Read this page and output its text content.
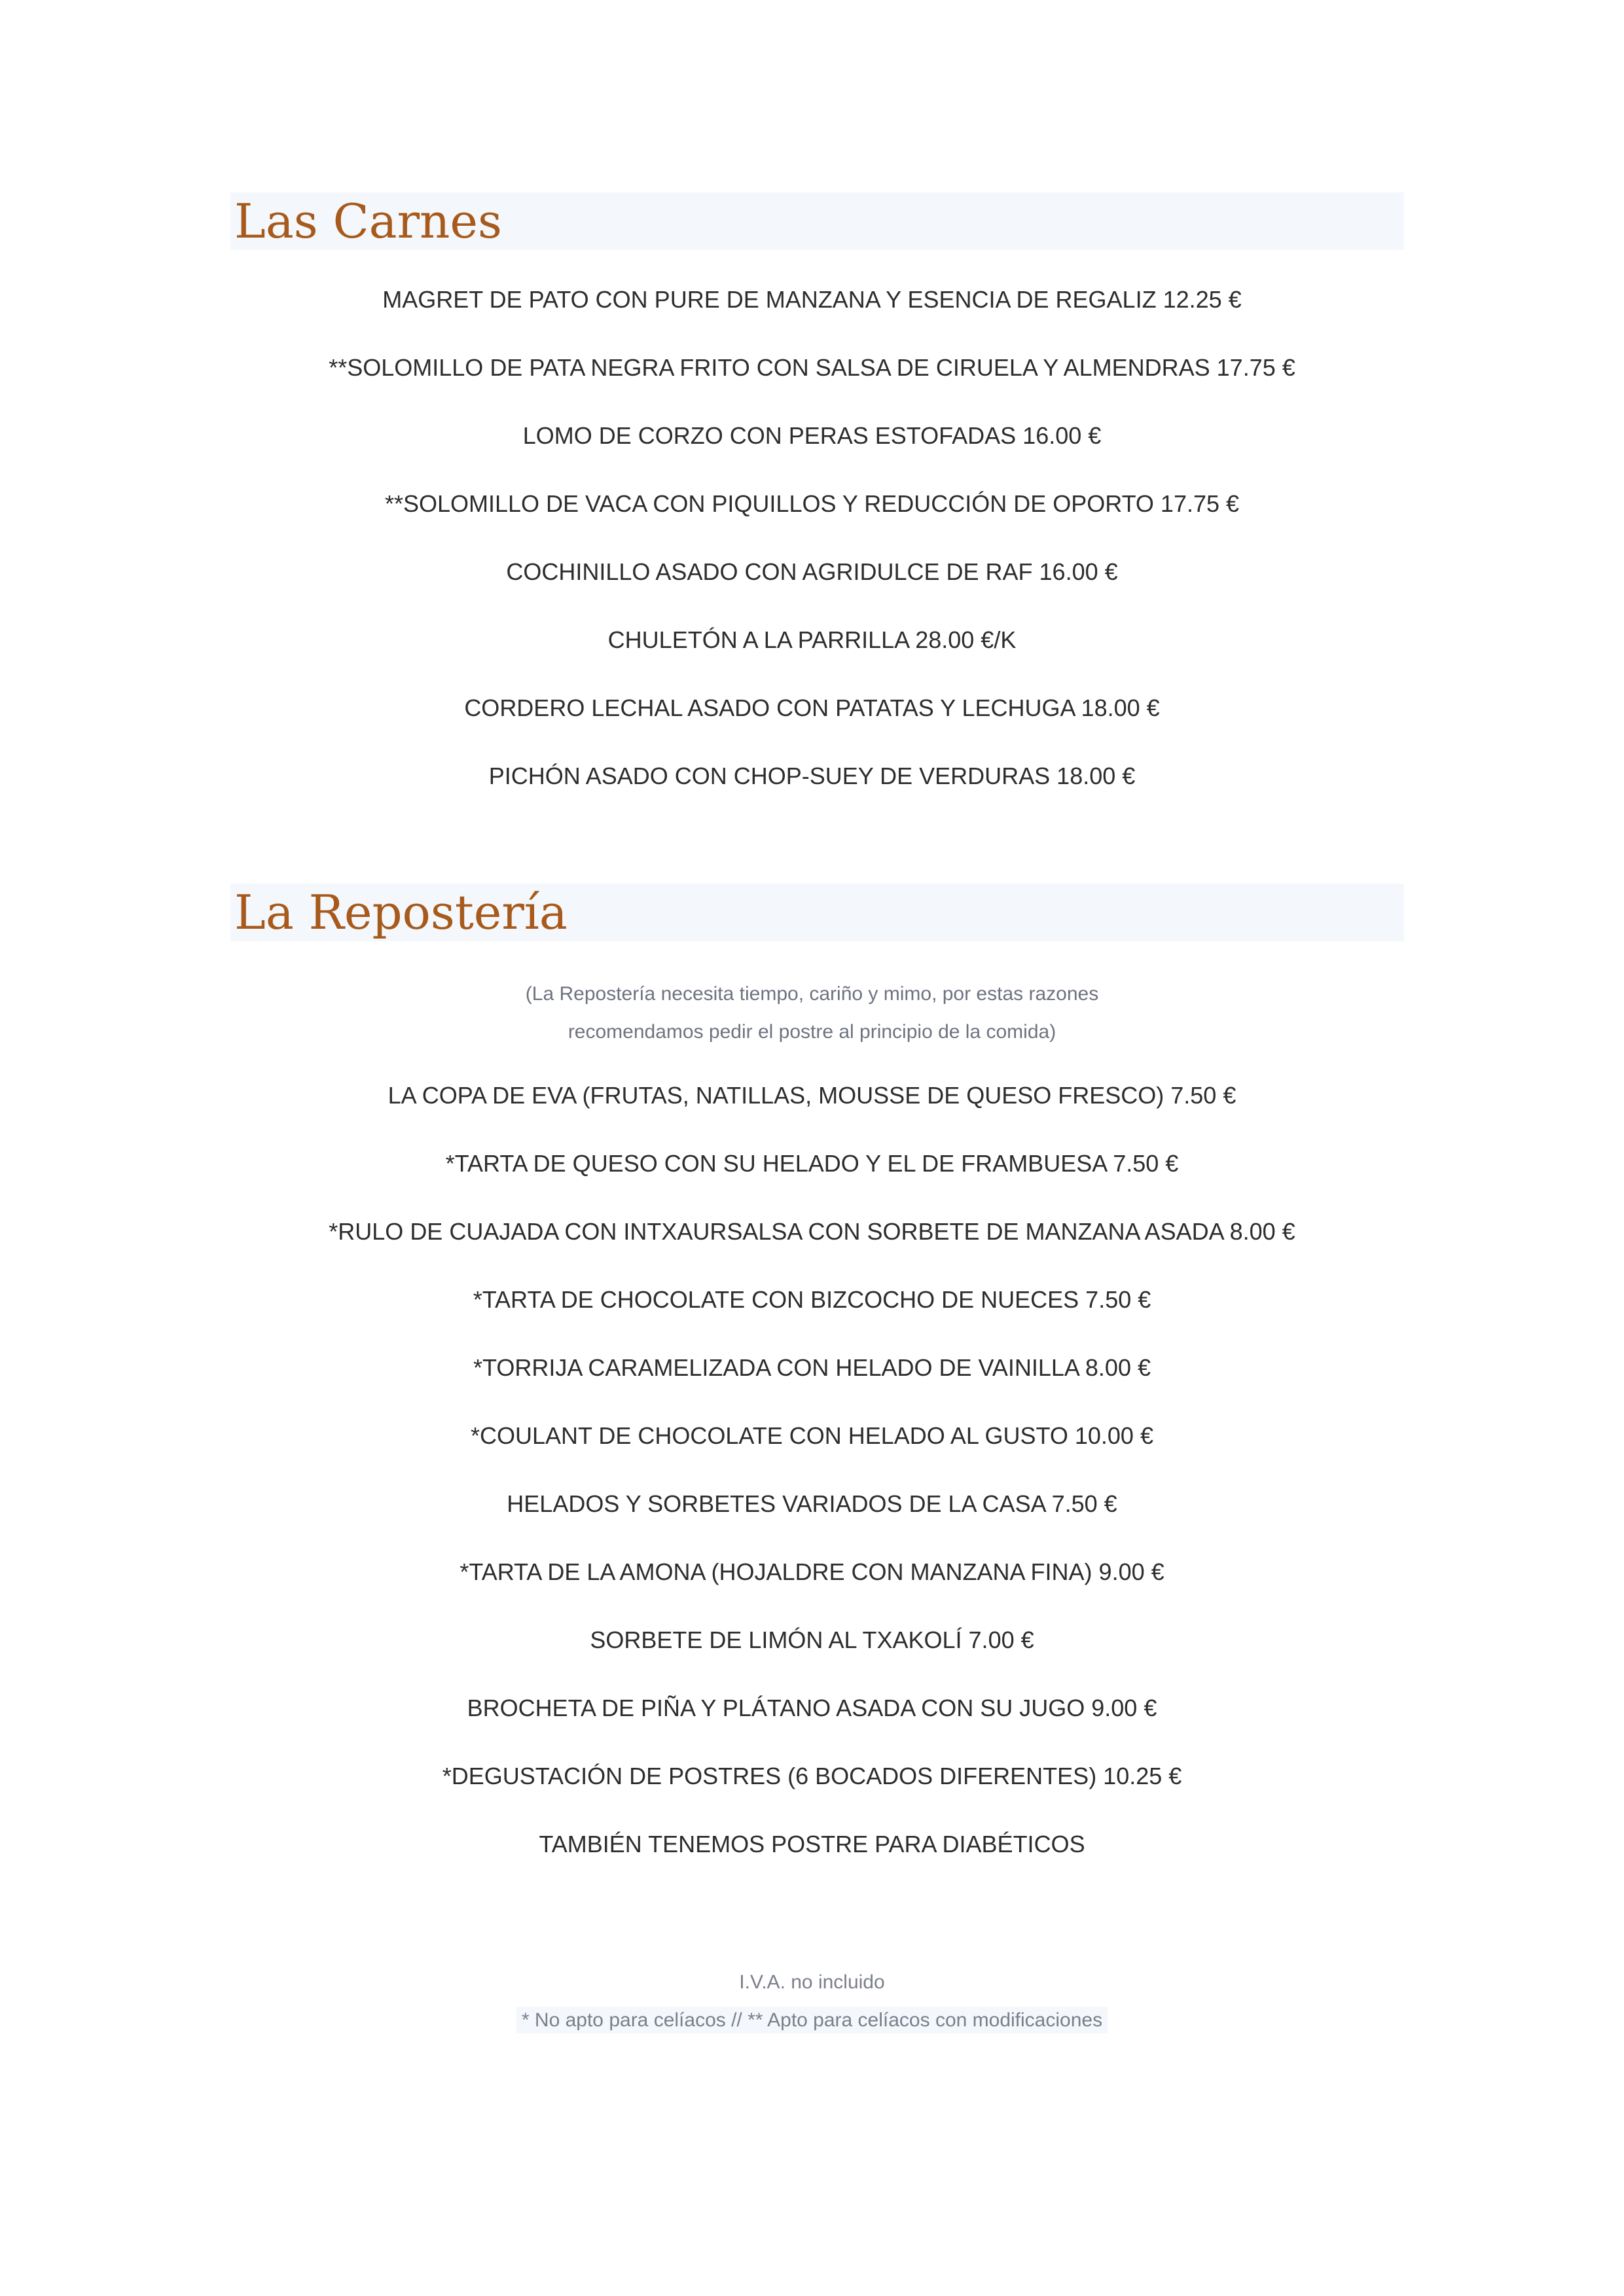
Las Carnes
MAGRET DE PATO CON PURE DE MANZANA Y ESENCIA DE REGALIZ 12.25 €
**SOLOMILLO DE PATA NEGRA FRITO CON SALSA DE CIRUELA Y ALMENDRAS 17.75 €
LOMO DE CORZO CON PERAS ESTOFADAS 16.00 €
**SOLOMILLO DE VACA CON PIQUILLOS Y REDUCCIÓN DE OPORTO 17.75 €
COCHINILLO ASADO CON AGRIDULCE DE RAF 16.00 €
CHULETÓN A LA PARRILLA 28.00 €/K
CORDERO LECHAL ASADO CON PATATAS Y LECHUGA 18.00 €
PICHÓN ASADO CON CHOP-SUEY DE VERDURAS 18.00 €
La Repostería
(La Repostería necesita tiempo, cariño y mimo, por estas razones
recomendamos pedir el postre al principio de la comida)
LA COPA DE EVA (FRUTAS, NATILLAS, MOUSSE DE QUESO FRESCO) 7.50 €
*TARTA DE QUESO CON SU HELADO Y EL DE FRAMBUESA 7.50 €
*RULO DE CUAJADA CON INTXAURSALSA CON SORBETE DE MANZANA ASADA 8.00 €
*TARTA DE CHOCOLATE CON BIZCOCHO DE NUECES 7.50 €
*TORRIJA CARAMELIZADA CON HELADO DE VAINILLA 8.00 €
*COULANT DE CHOCOLATE CON HELADO AL GUSTO 10.00 €
HELADOS Y SORBETES VARIADOS DE LA CASA 7.50 €
*TARTA DE LA AMONA (HOJALDRE CON MANZANA FINA) 9.00 €
SORBETE DE LIMÓN AL TXAKOLÍ 7.00 €
BROCHETA DE PIÑA Y PLÁTANO ASADA CON SU JUGO 9.00 €
*DEGUSTACIÓN DE POSTRES (6 BOCADOS DIFERENTES) 10.25 €
TAMBIÉN TENEMOS POSTRE PARA DIABÉTICOS
I.V.A. no incluido
* No apto para celíacos // ** Apto para celíacos con modificaciones
